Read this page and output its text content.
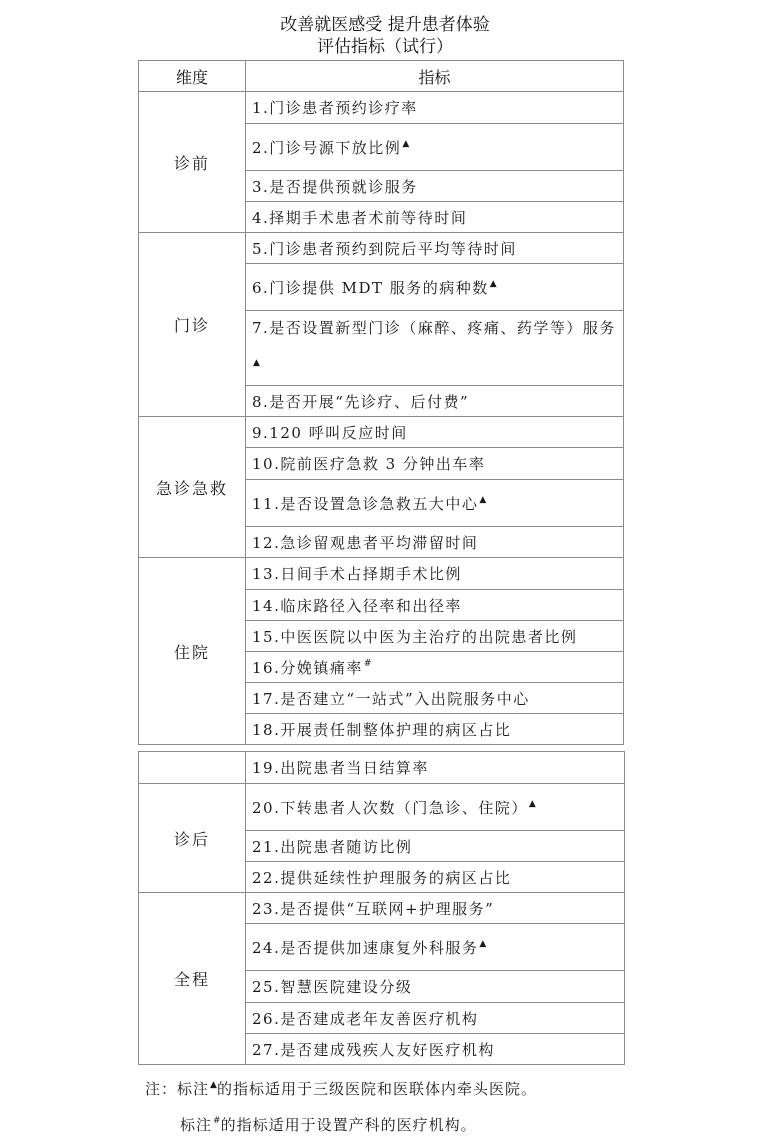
改善就医感受 提升患者体验
评估指标（试行）
维度	指标
诊前	1.门诊患者预约诊疗率
	2.门诊号源下放比例▲
	3.是否提供预就诊服务
	4.择期手术患者术前等待时间
门诊	5.门诊患者预约到院后平均等待时间
	6.门诊提供 MDT 服务的病种数▲
	7.是否设置新型门诊（麻醉、疼痛、药学等）服务▲
	8.是否开展“先诊疗、后付费”
急诊急救	9.120 呼叫反应时间
	10.院前医疗急救 3 分钟出车率
	11.是否设置急诊急救五大中心▲
	12.急诊留观患者平均滞留时间
住院	13.日间手术占择期手术比例
	14.临床路径入径率和出径率
	15.中医医院以中医为主治疗的出院患者比例
	16.分娩镇痛率#
	17.是否建立“一站式”入出院服务中心
	18.开展责任制整体护理的病区占比
	19.出院患者当日结算率
诊后	20.下转患者人次数（门急诊、住院）▲
	21.出院患者随访比例
	22.提供延续性护理服务的病区占比
全程	23.是否提供“互联网+护理服务”
	24.是否提供加速康复外科服务▲
	25.智慧医院建设分级
	26.是否建成老年友善医疗机构
	27.是否建成残疾人友好医疗机构
注：标注▲的指标适用于三级医院和医联体内牵头医院。
标注#的指标适用于设置产科的医疗机构。
